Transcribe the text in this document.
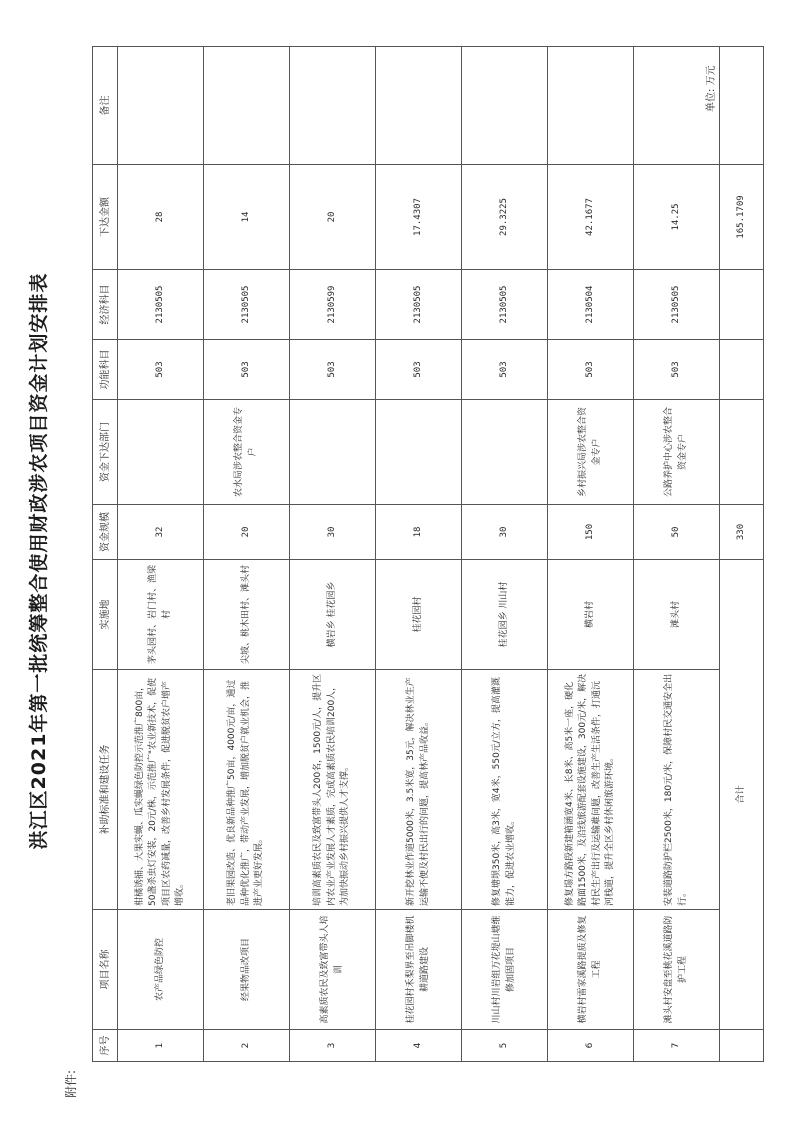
洪江区2021年第一批统筹整合使用财政涉农项目资金计划安排表
附件:
单位: 万元
序号	项目名称	补助标准和建设任务	实施地	资金规模	资金下达部门	功能科目	经济科目	下达金额	备注
1	农产品绿色防控	柑橘诱捕、大果实蝇、瓜实蝇绿色防控示范推广800亩，50盏杀虫灯安装，20元/株，示范推广"农业新技术，促使项目区农药减量，改善乡村发展条件，促进脱贫农户增产增收。	茅头园村、岩门村、渔梁村	32		503	2130505	28	
2	经果物品改项目	老旧果园改造、优良新品种推广50亩，4000元/亩，通过品种优化推广，带动产业发展，增加脱贫户就业机会，推进产业更好发展。	尖坡、桃木田村、滩头村	20	农水局涉农整合资金专户	503	2130505	14	
3	高素质农民及致富带头人培训	培训高素质农民及致富带头人200名，1500元/人，提升区内农业产业发展人才素质，完成高素质农民培训200人，为加快振动乡村振兴提供人才支撑。	横岩乡 桂花园乡	30		503	2130599	20	
4	桂花园村禾梨界至吊脚楼机耕道路建设	新开挖林业作道5000米，3.5米宽，35元，解决林业生产运输不便及村民出行的问题，提高林产品收益。	桂花园村	18		503	2130505	17.4307	
5	川山村川岩组万花堤山塘维修加固项目	修复塘坝350米，高3米，宽4米，550元/立方，提高灌溉能力，促进农业增收。	桂花园乡 川山村	30		503	2130505	29.3225	
6	横岩村雷家溪路提质及修复工程	修复塌方路段新建箱涵宽4米、长8米、高5米一座，硬化路面1500米，及沿线旅游配套设施建设，300元/米，解决村民生产出行及运输难问题，改善生产生活条件，打通沅河栈道，提升全区乡村休闲旅游环境。	横岩村	150	乡村振兴局涉农整合资金专户	503	2130504	42.1677	
7	滩头村安盘至桃花溪道路防护工程	安装道路防护栏2500米，180元/米，保障村民交通安全出行。	滩头村	50	公路养护中心涉农整合资金专户	503	2130505	14.25	
	合计			330				165.1709	
